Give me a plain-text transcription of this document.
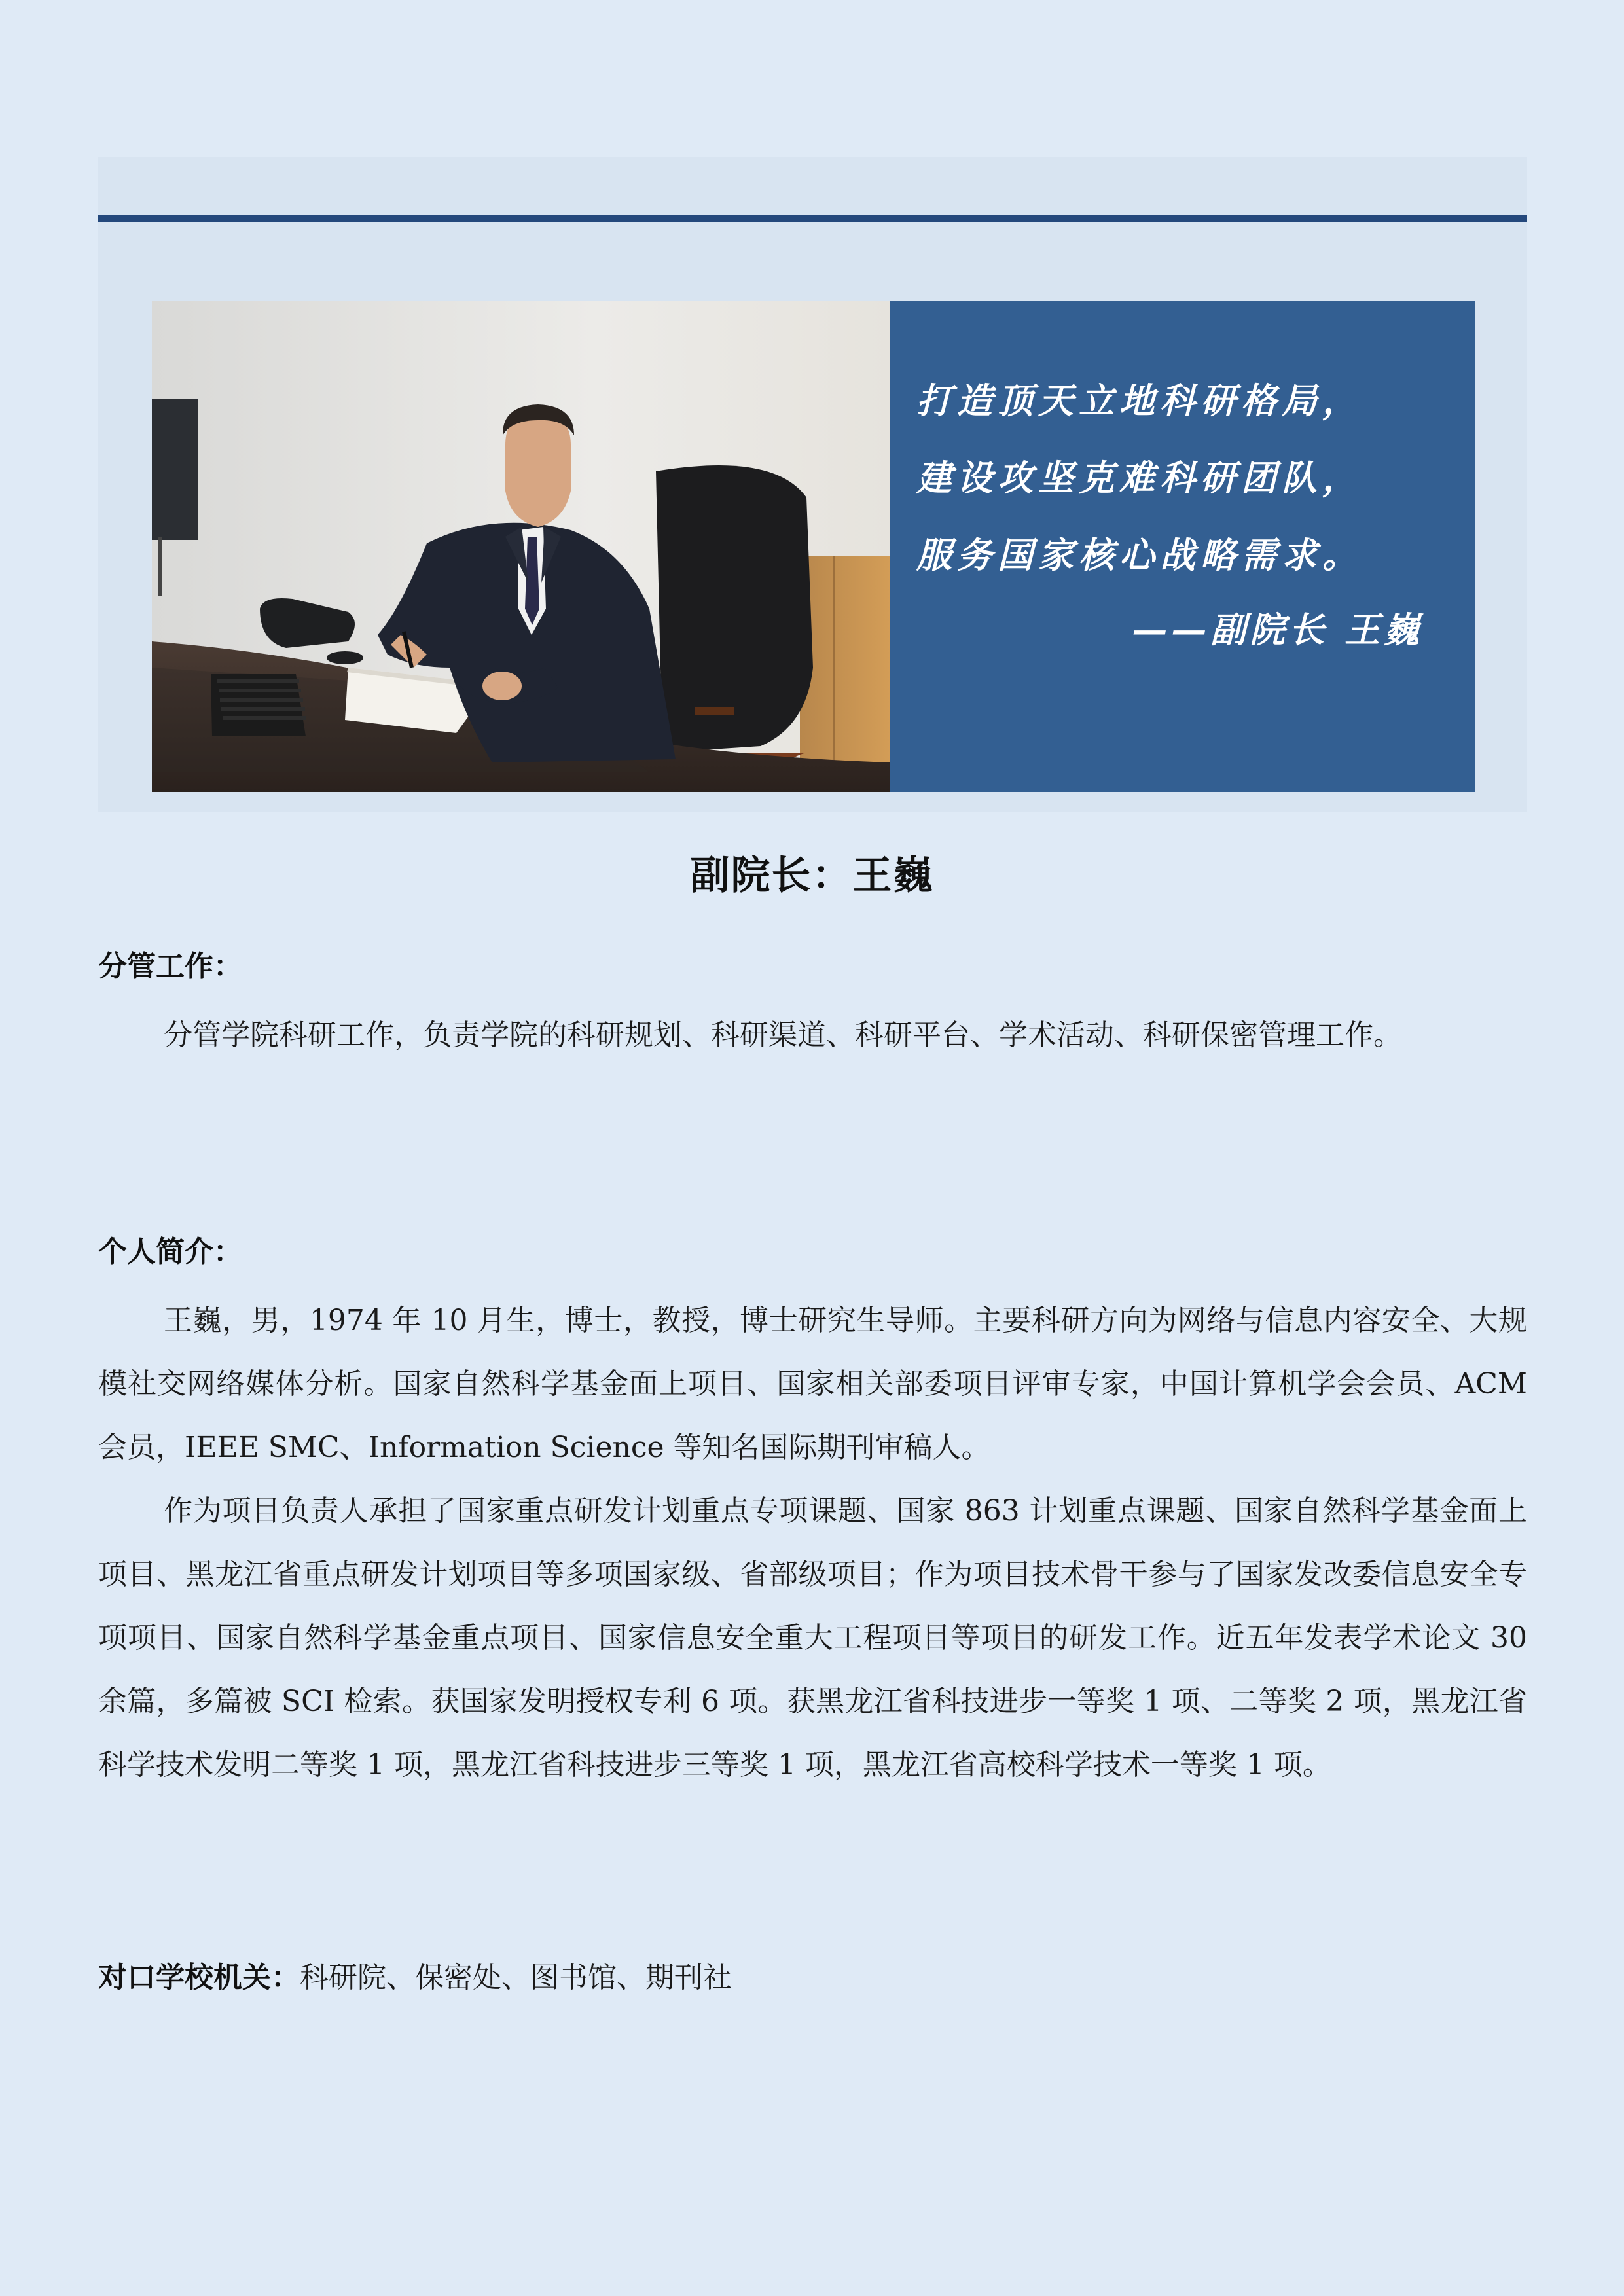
打造顶天立地科研格局，
建设攻坚克难科研团队，
服务国家核心战略需求。
——副院长 王巍
副院长：王巍
分管工作：

分管学院科研工作，负责学院的科研规划、科研渠道、科研平台、学术活动、科研保密管理工作。

个人简介：

王巍，男，1974 年 10 月生，博士，教授，博士研究生导师。主要科研方向为网络与信息内容安全、大规模社交网络媒体分析。国家自然科学基金面上项目、国家相关部委项目评审专家，中国计算机学会会员、ACM 会员，IEEE SMC、Information Science 等知名国际期刊审稿人。

作为项目负责人承担了国家重点研发计划重点专项课题、国家 863 计划重点课题、国家自然科学基金面上项目、黑龙江省重点研发计划项目等多项国家级、省部级项目；作为项目技术骨干参与了国家发改委信息安全专项项目、国家自然科学基金重点项目、国家信息安全重大工程项目等项目的研发工作。近五年发表学术论文 30 余篇，多篇被 SCI 检索。获国家发明授权专利 6 项。获黑龙江省科技进步一等奖 1 项、二等奖 2 项，黑龙江省科学技术发明二等奖 1 项，黑龙江省科技进步三等奖 1 项，黑龙江省高校科学技术一等奖 1 项。

对口学校机关：科研院、保密处、图书馆、期刊社
